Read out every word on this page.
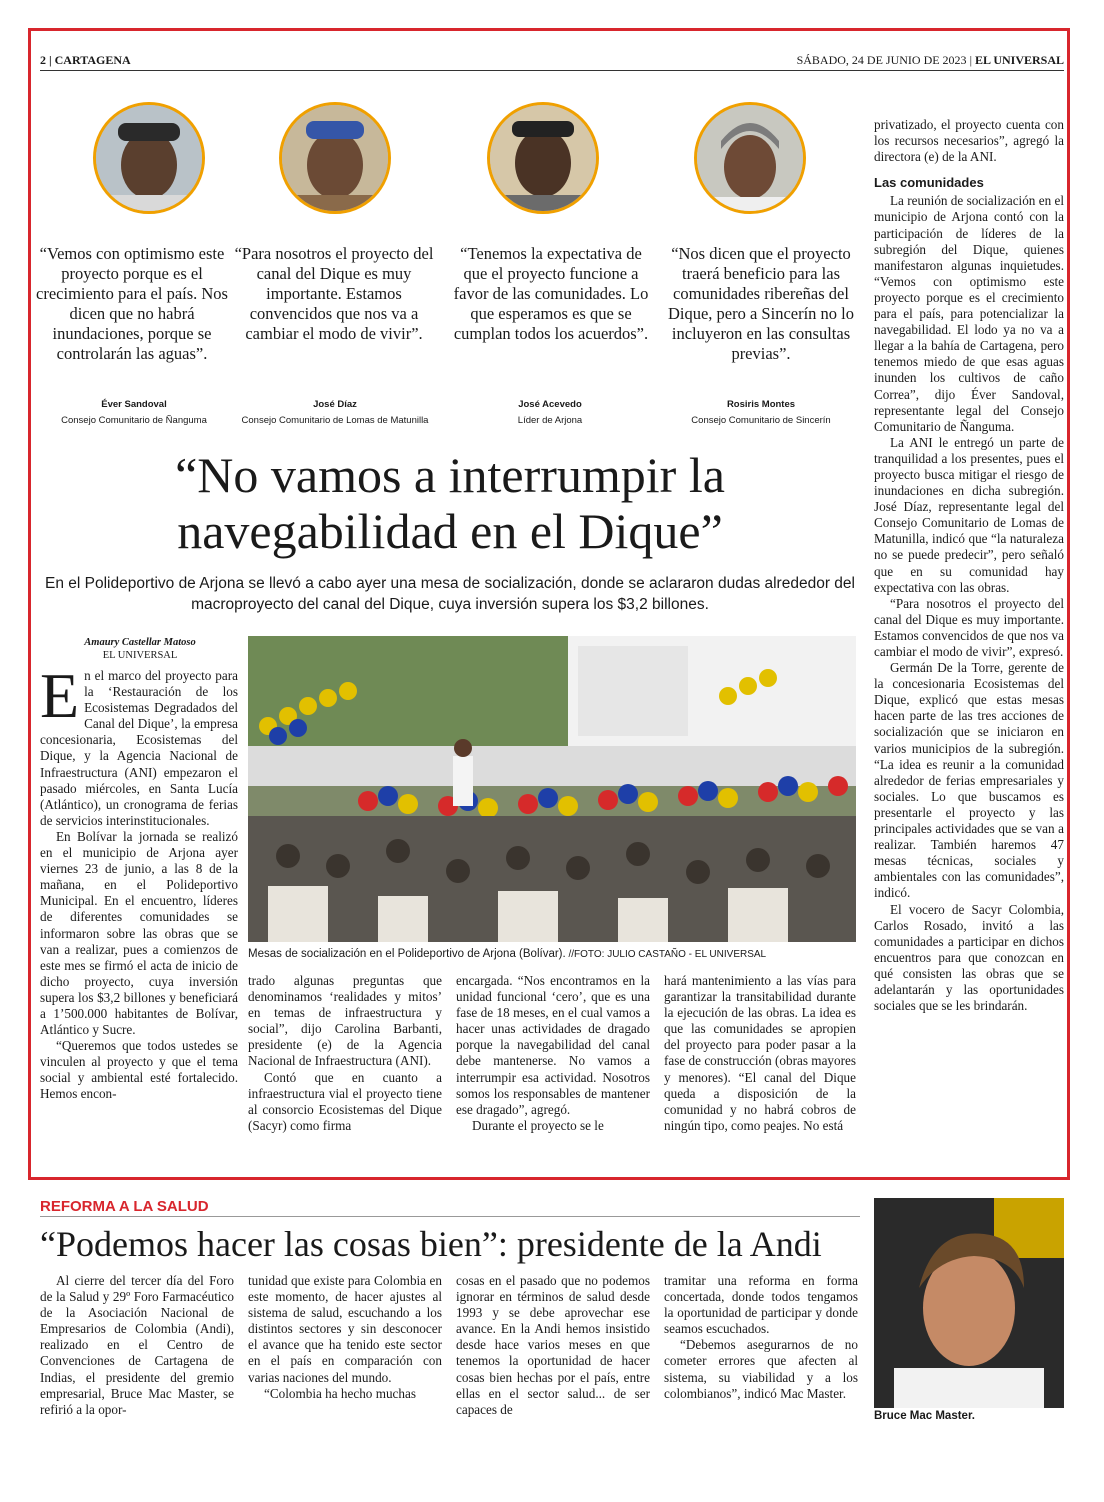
2 | CARTAGENA	SÁBADO, 24 DE JUNIO DE 2023 | EL UNIVERSAL
“Vemos con optimismo este proyecto porque es el crecimiento para el país. Nos dicen que no habrá inundaciones, porque se controlarán las aguas”.
Éver Sandoval
Consejo Comunitario de Ñanguma
“Para nosotros el proyecto del canal del Dique es muy importante. Estamos convencidos que nos va a cambiar el modo de vivir”.
José Díaz
Consejo Comunitario de Lomas de Matunilla
“Tenemos la expectativa de que el proyecto funcione a favor de las comunidades. Lo que esperamos es que se cumplan todos los acuerdos”.
José Acevedo
Líder de Arjona
“Nos dicen que el proyecto traerá beneficio para las comunidades ribereñas del Dique, pero a Sincerín no lo incluyeron en las consultas previas”.
Rosiris Montes
Consejo Comunitario de Sincerín
“No vamos a interrumpir la
navegabilidad en el Dique”
En el Polideportivo de Arjona se llevó a cabo ayer una mesa de socialización, donde se aclararon dudas alrededor del macroproyecto del canal del Dique, cuya inversión supera los $3,2 billones.
Amaury Castellar Matoso
EL UNIVERSAL

En el marco del proyecto para la ‘Restauración de los Ecosistemas Degradados del Canal del Dique’, la empresa concesionaria, Ecosistemas del Dique, y la Agencia Nacional de Infraestructura (ANI) empezaron el pasado miércoles, en Santa Lucía (Atlántico), un cronograma de ferias de servicios interinstitucionales.

En Bolívar la jornada se realizó en el municipio de Arjona ayer viernes 23 de junio, a las 8 de la mañana, en el Polideportivo Municipal. En el encuentro, líderes de diferentes comunidades se informaron sobre las obras que se van a realizar, pues a comienzos de este mes se firmó el acta de inicio de dicho proyecto, cuya inversión supera los $3,2 billones y beneficiará a 1’500.000 habitantes de Bolívar, Atlántico y Sucre.

“Queremos que todos ustedes se vinculen al proyecto y que el tema social y ambiental esté fortalecido. Hemos encon-

Mesas de socialización en el Polideportivo de Arjona (Bolívar). //FOTO: JULIO CASTAÑO - EL UNIVERSAL

trado algunas preguntas que denominamos ‘realidades y mitos’ en temas de infraestructura y social”, dijo Carolina Barbanti, presidente (e) de la Agencia Nacional de Infraestructura (ANI).

Contó que en cuanto a infraestructura vial el proyecto tiene al consorcio Ecosistemas del Dique (Sacyr) como firma

encargada. “Nos encontramos en la unidad funcional ‘cero’, que es una fase de 18 meses, en el cual vamos a hacer unas actividades de dragado porque la navegabilidad del canal debe mantenerse. No vamos a interrumpir esa actividad. Nosotros somos los responsables de mantener ese dragado”, agregó.

Durante el proyecto se le

hará mantenimiento a las vías para garantizar la transitabilidad durante la ejecución de las obras. La idea es que las comunidades se apropien del proyecto para poder pasar a la fase de construcción (obras mayores y menores). “El canal del Dique queda a disposición de la comunidad y no habrá cobros de ningún tipo, como peajes. No está

privatizado, el proyecto cuenta con los recursos necesarios”, agregó la directora (e) de la ANI.

Las comunidades

La reunión de socialización en el municipio de Arjona contó con la participación de líderes de la subregión del Dique, quienes manifestaron algunas inquietudes. “Vemos con optimismo este proyecto porque es el crecimiento para el país, para potencializar la navegabilidad. El lodo ya no va a llegar a la bahía de Cartagena, pero tenemos miedo de que esas aguas inunden los cultivos de caño Correa”, dijo Éver Sandoval, representante legal del Consejo Comunitario de Ñanguma.

La ANI le entregó un parte de tranquilidad a los presentes, pues el proyecto busca mitigar el riesgo de inundaciones en dicha subregión. José Díaz, representante legal del Consejo Comunitario de Lomas de Matunilla, indicó que “la naturaleza no se puede predecir”, pero señaló que en su comunidad hay expectativa con las obras.

“Para nosotros el proyecto del canal del Dique es muy importante. Estamos convencidos de que nos va cambiar el modo de vivir”, expresó.

Germán De la Torre, gerente de la concesionaria Ecosistemas del Dique, explicó que estas mesas hacen parte de las tres acciones de socialización que se iniciaron en varios municipios de la subregión. “La idea es reunir a la comunidad alrededor de ferias empresariales y sociales. Lo que buscamos es presentarle el proyecto y las principales actividades que se van a realizar. También haremos 47 mesas técnicas, sociales y ambientales con las comunidades”, indicó.

El vocero de Sacyr Colombia, Carlos Rosado, invitó a las comunidades a participar en dichos encuentros para que conozcan en qué consisten las obras que se adelantarán y las oportunidades sociales que se les brindarán.

REFORMA A LA SALUD
“Podemos hacer las cosas bien”: presidente de la Andi

Al cierre del tercer día del Foro de la Salud y 29º Foro Farmacéutico de la Asociación Nacional de Empresarios de Colombia (Andi), realizado en el Centro de Convenciones de Cartagena de Indias, el presidente del gremio empresarial, Bruce Mac Master, se refirió a la opor-

tunidad que existe para Colombia en este momento, de hacer ajustes al sistema de salud, escuchando a los distintos sectores y sin desconocer el avance que ha tenido este sector en el país en comparación con varias naciones del mundo.

“Colombia ha hecho muchas

cosas en el pasado que no podemos ignorar en términos de salud desde 1993 y se debe aprovechar ese avance. En la Andi hemos insistido desde hace varios meses en que tenemos la oportunidad de hacer cosas bien hechas por el país, entre ellas en el sector salud... de ser capaces de

tramitar una reforma en forma concertada, donde todos tengamos la oportunidad de participar y donde seamos escuchados.

“Debemos asegurarnos de no cometer errores que afecten al sistema, su viabilidad y a los colombianos”, indicó Mac Master.

Bruce Mac Master.
